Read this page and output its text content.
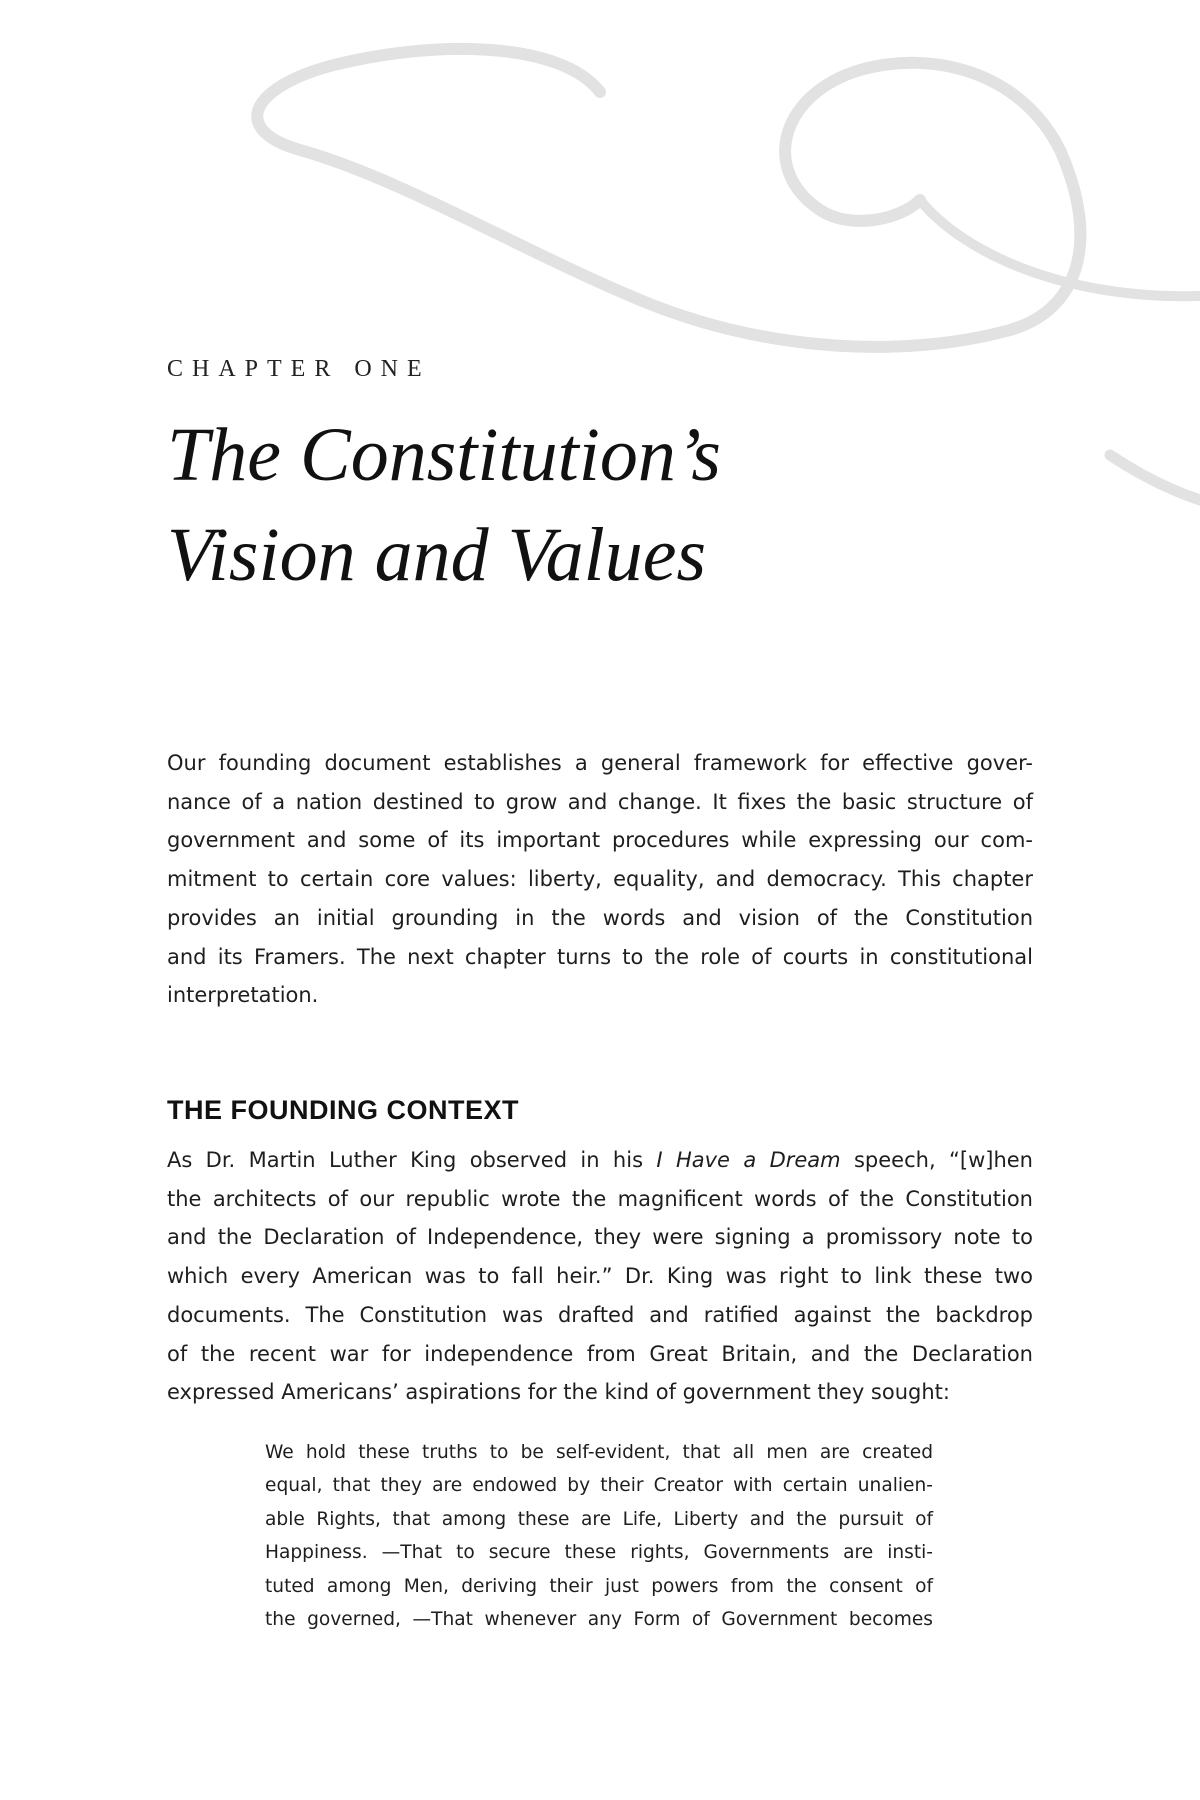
CHAPTER ONE
The Constitution’s
Vision and Values
Our founding document establishes a general framework for effective gover-
nance of a nation destined to grow and change. It fixes the basic structure of
government and some of its important procedures while expressing our com-
mitment to certain core values: liberty, equality, and democracy. This chapter
provides an initial grounding in the words and vision of the Constitution
and its Framers. The next chapter turns to the role of courts in constitutional
interpretation.
THE FOUNDING CONTEXT
As Dr. Martin Luther King observed in his I Have a Dream speech, “[w]hen
the architects of our republic wrote the magnificent words of the Constitution
and the Declaration of Independence, they were signing a promissory note to
which every American was to fall heir.” Dr. King was right to link these two
documents. The Constitution was drafted and ratified against the backdrop
of the recent war for independence from Great Britain, and the Declaration
expressed Americans’ aspirations for the kind of government they sought:
We hold these truths to be self-evident, that all men are created
equal, that they are endowed by their Creator with certain unalien-
able Rights, that among these are Life, Liberty and the pursuit of
Happiness. —That to secure these rights, Governments are insti-
tuted among Men, deriving their just powers from the consent of
the governed, —That whenever any Form of Government becomes
